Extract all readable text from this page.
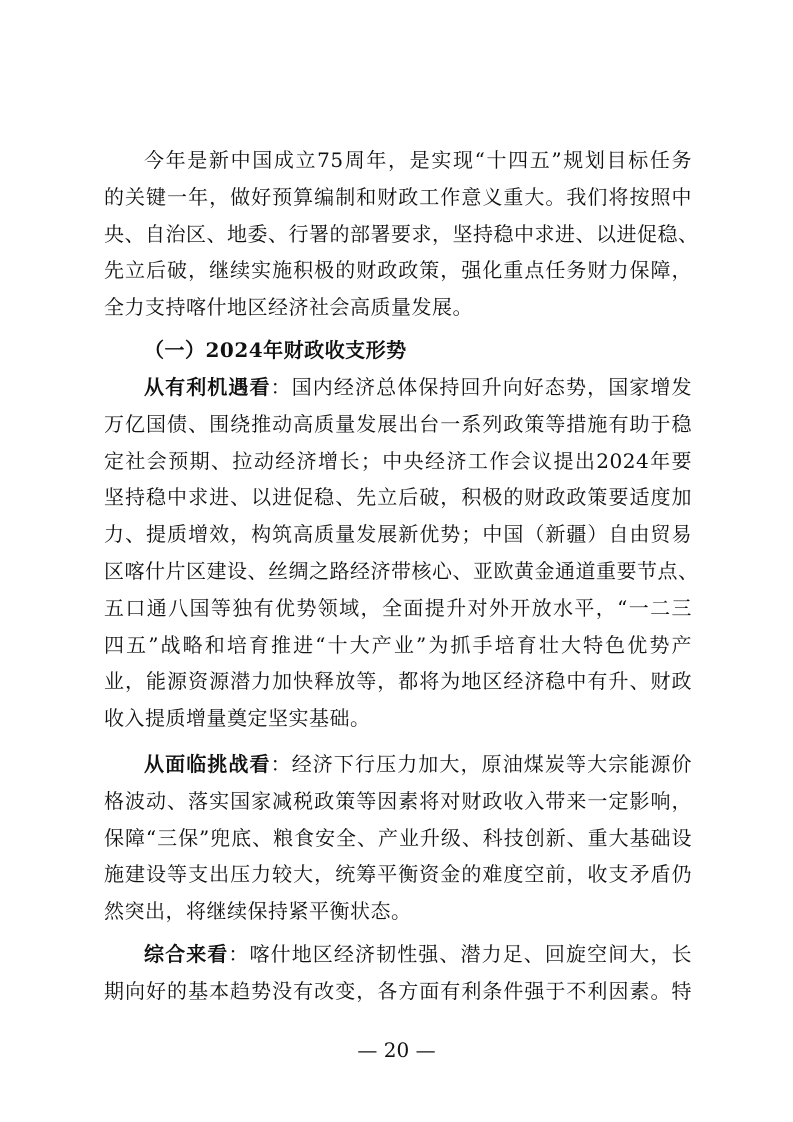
今年是新中国成立75周年，是实现“十四五”规划目标任务
的关键一年，做好预算编制和财政工作意义重大。我们将按照中
央、自治区、地委、行署的部署要求，坚持稳中求进、以进促稳、
先立后破，继续实施积极的财政政策，强化重点任务财力保障，
全力支持喀什地区经济社会高质量发展。
（一）2024年财政收支形势
从有利机遇看：国内经济总体保持回升向好态势，国家增发
万亿国债、围绕推动高质量发展出台一系列政策等措施有助于稳
定社会预期、拉动经济增长；中央经济工作会议提出2024年要
坚持稳中求进、以进促稳、先立后破，积极的财政政策要适度加
力、提质增效，构筑高质量发展新优势；中国（新疆）自由贸易
区喀什片区建设、丝绸之路经济带核心、亚欧黄金通道重要节点、
五口通八国等独有优势领域，全面提升对外开放水平，“一二三
四五”战略和培育推进“十大产业”为抓手培育壮大特色优势产
业，能源资源潜力加快释放等，都将为地区经济稳中有升、财政
收入提质增量奠定坚实基础。
从面临挑战看：经济下行压力加大，原油煤炭等大宗能源价
格波动、落实国家减税政策等因素将对财政收入带来一定影响，
保障“三保”兜底、粮食安全、产业升级、科技创新、重大基础设
施建设等支出压力较大，统筹平衡资金的难度空前，收支矛盾仍
然突出，将继续保持紧平衡状态。
综合来看：喀什地区经济韧性强、潜力足、回旋空间大，长
期向好的基本趋势没有改变，各方面有利条件强于不利因素。特
— 20 —
